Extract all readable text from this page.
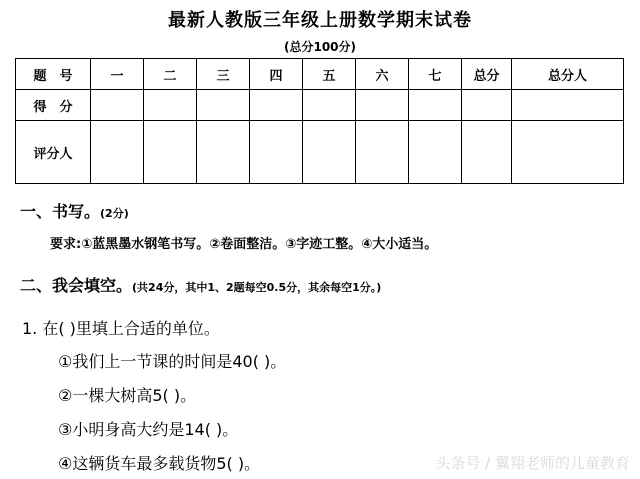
最新人教版三年级上册数学期末试卷
(总分100分)
题　号	一	二	三	四	五	六	七	总分	总分人
得　分									
评分人									
一、书写。(2分)
要求:①蓝黑墨水钢笔书写。②卷面整洁。③字迹工整。④大小适当。
二、我会填空。(共24分，其中1、2题每空0.5分，其余每空1分。)
1. 在( )里填上合适的单位。
①我们上一节课的时间是40( )。
②一棵大树高5( )。
③小明身高大约是14( )。
④这辆货车最多载货物5( )。	头条号 / 翼翔老师的儿童教育
